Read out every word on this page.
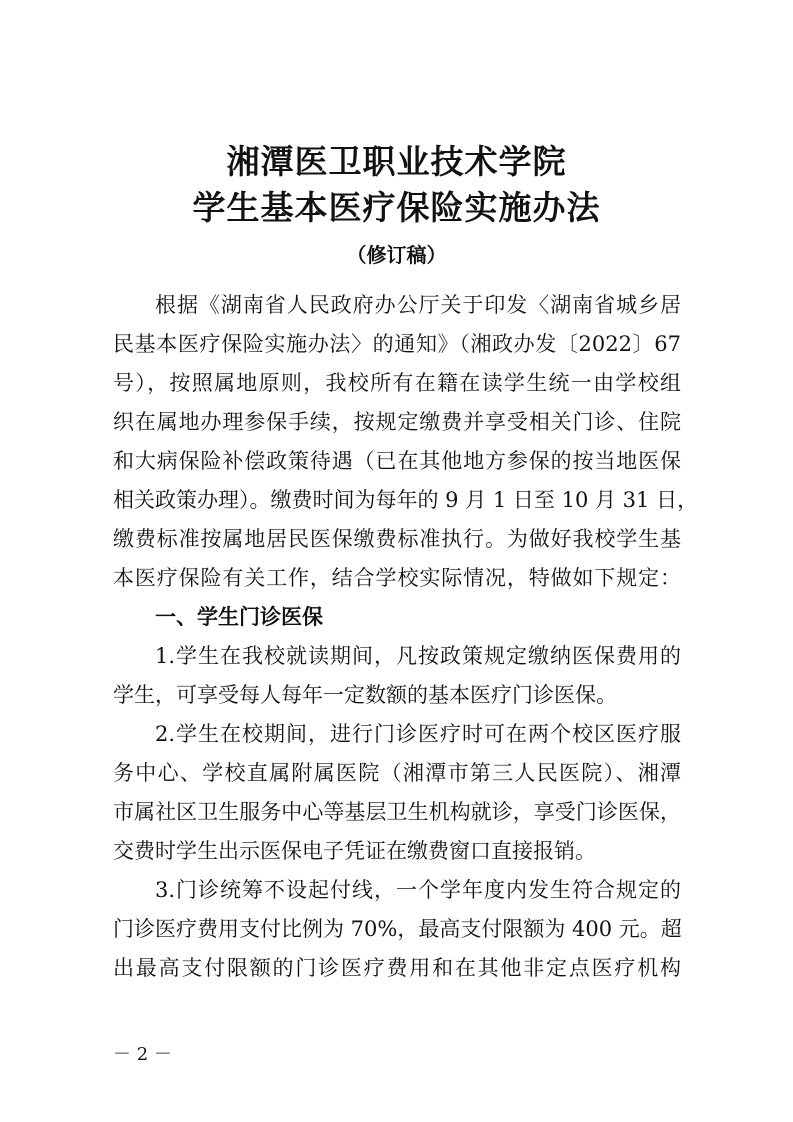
湘潭医卫职业技术学院
学生基本医疗保险实施办法
（修订稿）
根据《湖南省人民政府办公厅关于印发〈湖南省城乡居
民基本医疗保险实施办法〉的通知》（湘政办发〔2022〕67
号），按照属地原则，我校所有在籍在读学生统一由学校组
织在属地办理参保手续，按规定缴费并享受相关门诊、住院
和大病保险补偿政策待遇（已在其他地方参保的按当地医保
相关政策办理）。缴费时间为每年的 9 月 1 日至 10 月 31 日，
缴费标准按属地居民医保缴费标准执行。为做好我校学生基
本医疗保险有关工作，结合学校实际情况，特做如下规定：
一、学生门诊医保
1.学生在我校就读期间，凡按政策规定缴纳医保费用的
学生，可享受每人每年一定数额的基本医疗门诊医保。
2.学生在校期间，进行门诊医疗时可在两个校区医疗服
务中心、学校直属附属医院（湘潭市第三人民医院）、湘潭
市属社区卫生服务中心等基层卫生机构就诊，享受门诊医保，
交费时学生出示医保电子凭证在缴费窗口直接报销。
3.门诊统筹不设起付线，一个学年度内发生符合规定的
门诊医疗费用支付比例为 70%，最高支付限额为 400 元。超
出最高支付限额的门诊医疗费用和在其他非定点医疗机构
－ 2 －
